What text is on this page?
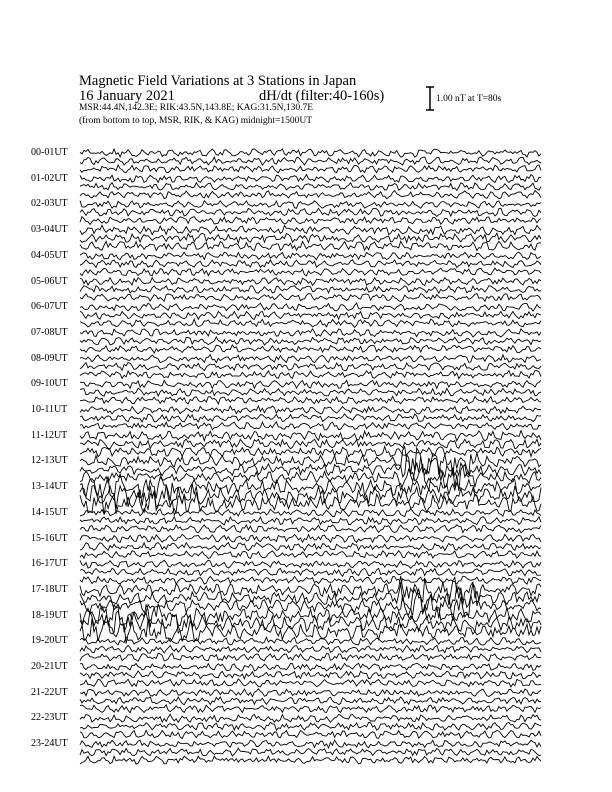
Magnetic Field Variations at 3 Stations in Japan
16 January 2021	dH/dt (filter:40-160s)
MSR:44.4N,142.3E; RIK:43.5N,143.8E; KAG:31.5N,130.7E
(from bottom to top, MSR, RIK, & KAG) midnight=1500UT
1.00 nT at T=80s
00-01UT
01-02UT
02-03UT
03-04UT
04-05UT
05-06UT
06-07UT
07-08UT
08-09UT
09-10UT
10-11UT
11-12UT
12-13UT
13-14UT
14-15UT
15-16UT
16-17UT
17-18UT
18-19UT
19-20UT
20-21UT
21-22UT
22-23UT
23-24UT
